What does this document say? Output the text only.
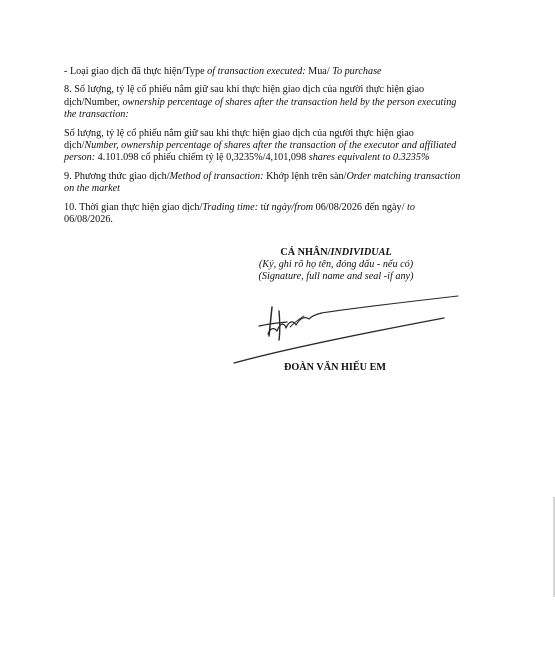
- Loại giao dịch đã thực hiện/Type of transaction executed: Mua/ To purchase

8. Số lượng, tỷ lệ cổ phiếu nắm giữ sau khi thực hiện giao dịch của người thực hiện giao dịch/Number, ownership percentage of shares after the transaction held by the person executing the transaction:

Số lượng, tỷ lệ cổ phiếu nắm giữ sau khi thực hiện giao dịch của người thực hiện giao dịch/Number, ownership percentage of shares after the transaction of the executor and affiliated person: 4.101.098 cổ phiếu chiếm tỷ lệ 0,3235%/4,101,098 shares equivalent to 0.3235%

9. Phương thức giao dịch/Method of transaction: Khớp lệnh trên sàn/Order matching transaction on the market

10. Thời gian thực hiện giao dịch/Trading time: từ ngày/from 06/08/2026 đến ngày/ to 06/08/2026.

CÁ NHÂN/INDIVIDUAL
(Ký, ghi rõ họ tên, đóng dấu - nếu có)
(Signature, full name and seal -if any)
ĐOÀN VĂN HIẾU EM
